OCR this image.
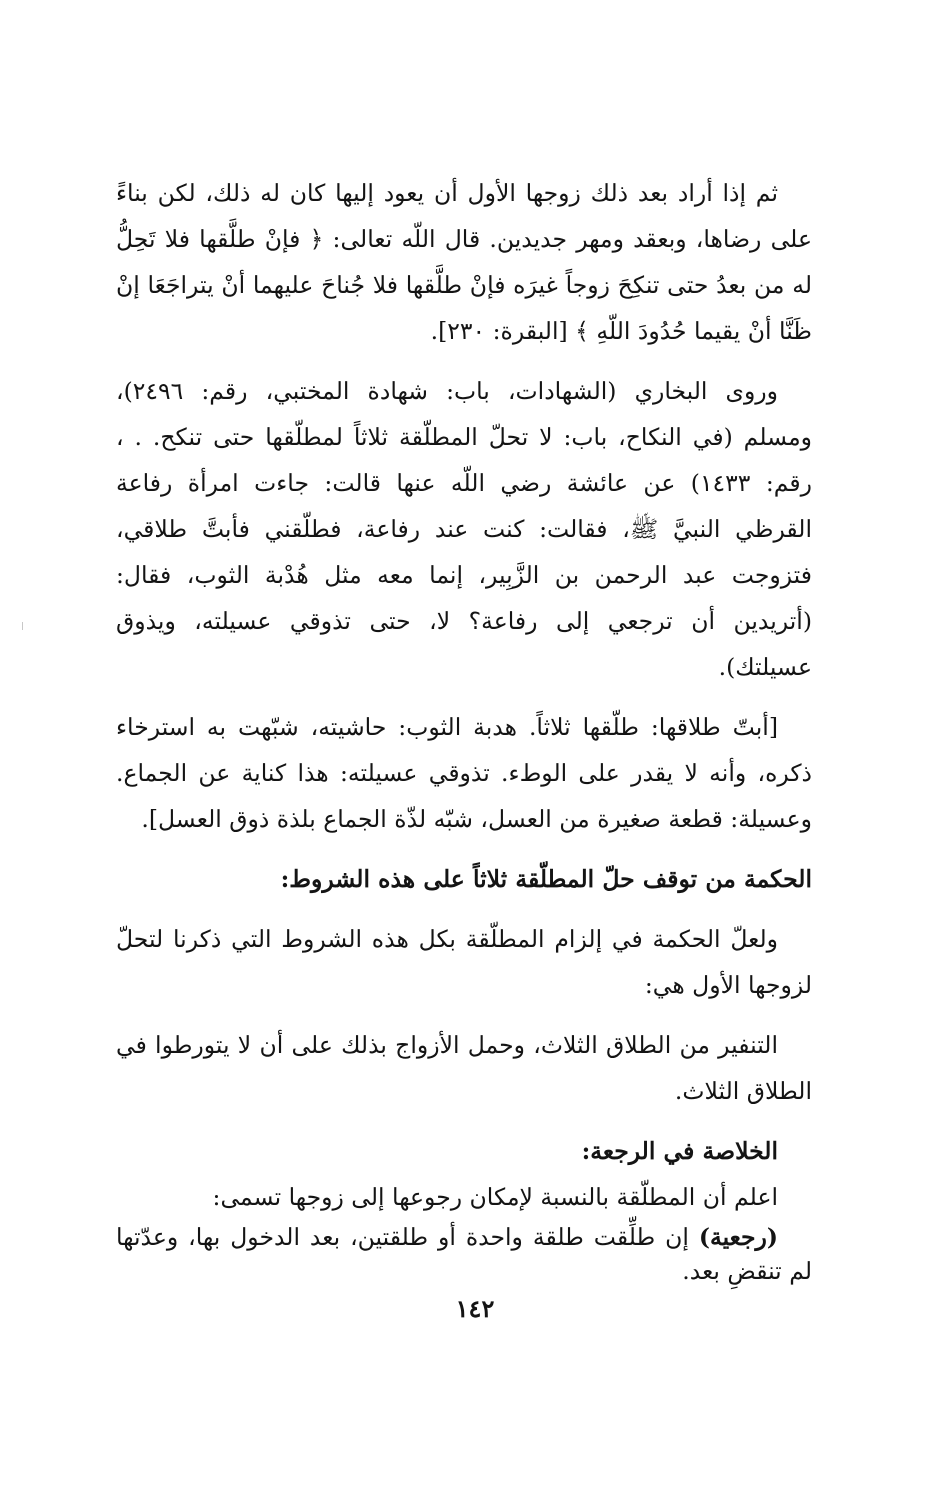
ثم إذا أراد بعد ذلك زوجها الأول أن يعود إليها كان له ذلك، لكن بناءً على رضاها، وبعقد ومهر جديدين. قال اللّه تعالى: ﴿ فإنْ طلَّقها فلا تَحِلُّ له من بعدُ حتى تنكِحَ زوجاً غيرَه فإنْ طلَّقها فلا جُناحَ عليهما أنْ يتراجَعَا إنْ ظَنَّا أنْ يقيما حُدُودَ اللّهِ ﴾ [البقرة: ٢٣٠].

وروى البخاري (الشهادات، باب: شهادة المختبي، رقم: ٢٤٩٦)، ومسلم (في النكاح، باب: لا تحلّ المطلّقة ثلاثاً لمطلّقها حتى تنكح. . ، رقم: ١٤٣٣) عن عائشة رضي اللّه عنها قالت: جاءت امرأة رفاعة القرظي النبيَّ ﷺ، فقالت: كنت عند رفاعة، فطلّقني فأبتَّ طلاقي، فتزوجت عبد الرحمن بن الزَّبِير، إنما معه مثل هُدْبة الثوب، فقال: (أتريدين أن ترجعي إلى رفاعة؟ لا، حتى تذوقي عسيلته، ويذوق عسيلتك).

[أبتّ طلاقها: طلّقها ثلاثاً. هدبة الثوب: حاشيته، شبّهت به استرخاء ذكره، وأنه لا يقدر على الوطء. تذوقي عسيلته: هذا كناية عن الجماع. وعسيلة: قطعة صغيرة من العسل، شبّه لذّة الجماع بلذة ذوق العسل].

الحكمة من توقف حلّ المطلّقة ثلاثاً على هذه الشروط:

ولعلّ الحكمة في إلزام المطلّقة بكل هذه الشروط التي ذكرنا لتحلّ لزوجها الأول هي:

التنفير من الطلاق الثلاث، وحمل الأزواج بذلك على أن لا يتورطوا في الطلاق الثلاث.

الخلاصة في الرجعة:

اعلم أن المطلّقة بالنسبة لإمكان رجوعها إلى زوجها تسمى:

(رجعية) إن طلِّقت طلقة واحدة أو طلقتين، بعد الدخول بها، وعدّتها لم تنقضِ بعد.

١٤٢
